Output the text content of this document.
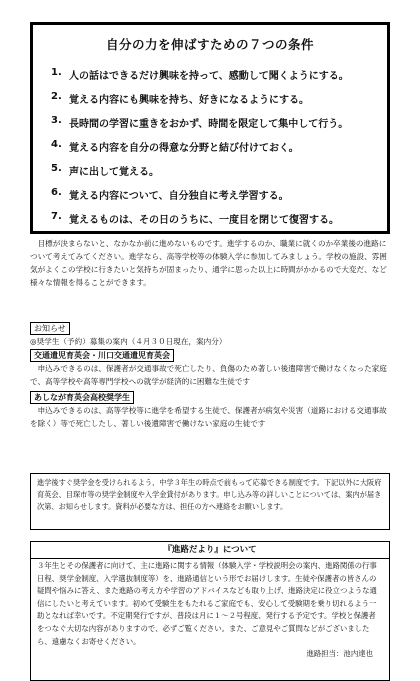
自分の力を伸ばすための７つの条件
1. 人の話はできるだけ興味を持って、感動して聞くようにする。
2. 覚える内容にも興味を持ち、好きになるようにする。
3. 長時間の学習に重きをおかず、時間を限定して集中して行う。
4. 覚える内容を自分の得意な分野と結び付けておく。
5. 声に出して覚える。
6. 覚える内容について、自分独自に考え学習する。
7. 覚えるものは、その日のうちに、一度目を閉じて復習する。
目標が決まらないと、なかなか前に進めないものです。進学するのか、職業に就くのか卒業後の進路について考えてみてください。進学なら、高等学校等の体験入学に参加してみましょう。学校の施設、雰囲気がよくこの学校に行きたいと気持ちが固まったり、通学に思った以上に時間がかかるので大変だ、など様々な情報を得ることができます。
お知らせ
◎奨学生（予約）募集の案内（４月３０日現在，案内分）
交通遺児育英会・川口交通遺児育英会
申込みできるのは、保護者が交通事故で死亡したり、負傷のため著しい後遺障害で働けなくなった家庭で、高等学校や高等専門学校への就学が経済的に困難な生徒です
あしなが育英会高校奨学生
申込みできるのは、高等学校等に進学を希望する生徒で、保護者が病気や災害（道路における交通事故を除く）等で死亡したし、著しい後遺障害で働けない家庭の生徒です
進学後すぐ奨学金を受けられるよう、中学３年生の時点で前もって応募できる制度です。下記以外に大阪府育英会、目琛市等の奨学金制度や入学金貸付があります。申し込み等の詳しいことについては、案内が届き次第、お知らせします。資料が必要な方は、担任の方へ連絡をお願いします。
『進路だより』について
３年生とその保護者に向けて、主に進路に関する情報（体験入学・学校説明会の案内、進路関係の行事日程、奨学金制度、入学選抜制度等）を、進路通信という形でお届けします。生徒や保護者の皆さんの疑問や悩みに答え、また進路の考え方や学習のアドバイスなども取り上げ、進路決定に役立つような通信にしたいと考えています。初めて受験生をもたれるご家庭でも、安心して受験期を乗り切れるよう一助となれば幸いです。不定期発行ですが、普段は月に１〜２号程度、発行する予定です。学校と保護者をつなぐ大切な内容がありますので、必ずご覧ください。また、ご意見やご質問などがございましたら、遠慮なくお寄せください。
進路担当：池内達也
